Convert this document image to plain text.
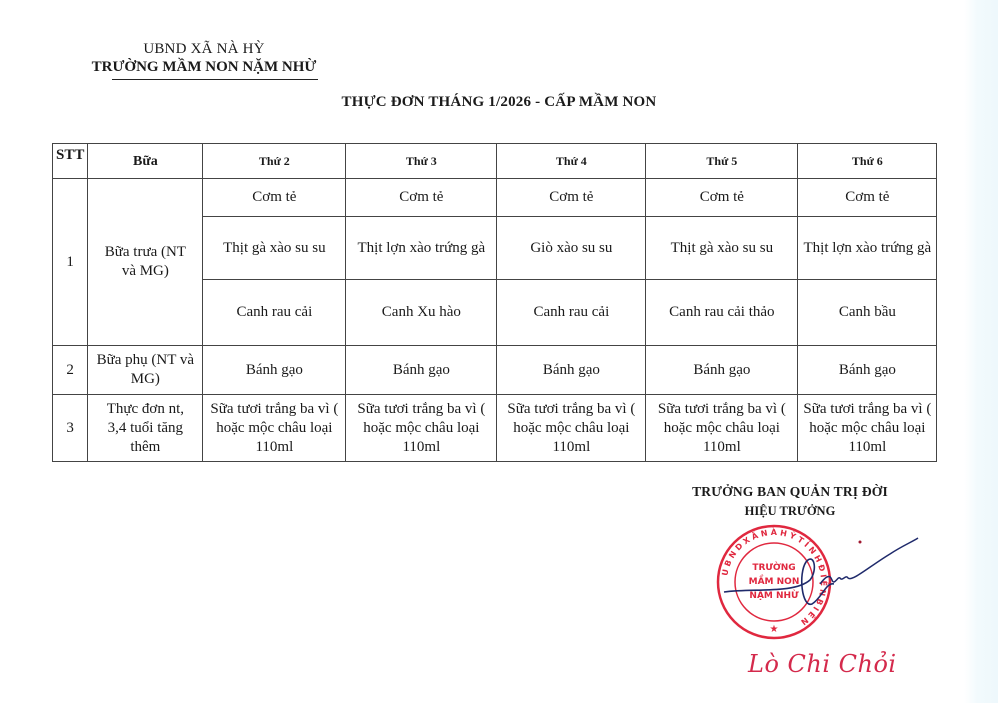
UBND XÃ NÀ HỲ
TRƯỜNG MẦM NON NẶM NHỪ
THỰC ĐƠN THÁNG 1/2026 - CẤP MẦM NON
STT	Bữa	Thứ 2	Thứ 3	Thứ 4	Thứ 5	Thứ 6
1	Bữa trưa (NT và MG)	Cơm tẻ	Cơm tẻ	Cơm tẻ	Cơm tẻ	Cơm tẻ
		Thịt gà xào su su	Thịt lợn xào trứng gà	Giò xào su su	Thịt gà xào su su	Thịt lợn xào trứng gà
		Canh rau cải	Canh Xu hào	Canh rau cải	Canh rau cải thảo	Canh bầu
2	Bữa phụ (NT và MG)	Bánh gạo	Bánh gạo	Bánh gạo	Bánh gạo	Bánh gạo
3	Thực đơn nt, 3,4 tuổi tăng thêm	Sữa tươi trắng ba vì ( hoặc mộc châu loại 110ml	Sữa tươi trắng ba vì ( hoặc mộc châu loại 110ml	Sữa tươi trắng ba vì ( hoặc mộc châu loại 110ml	Sữa tươi trắng ba vì ( hoặc mộc châu loại 110ml	Sữa tươi trắng ba vì ( hoặc mộc châu loại 110ml
TRƯỞNG BAN QUẢN TRỊ ĐỜI
HIỆU TRƯỞNG
U B N D X Ã N À H Ỳ T Ỉ N H Đ I Ệ N B I Ê N
TRƯỜNG
MẦM NON
NẶM NHỪ
★
Lò Chi Chỏi
